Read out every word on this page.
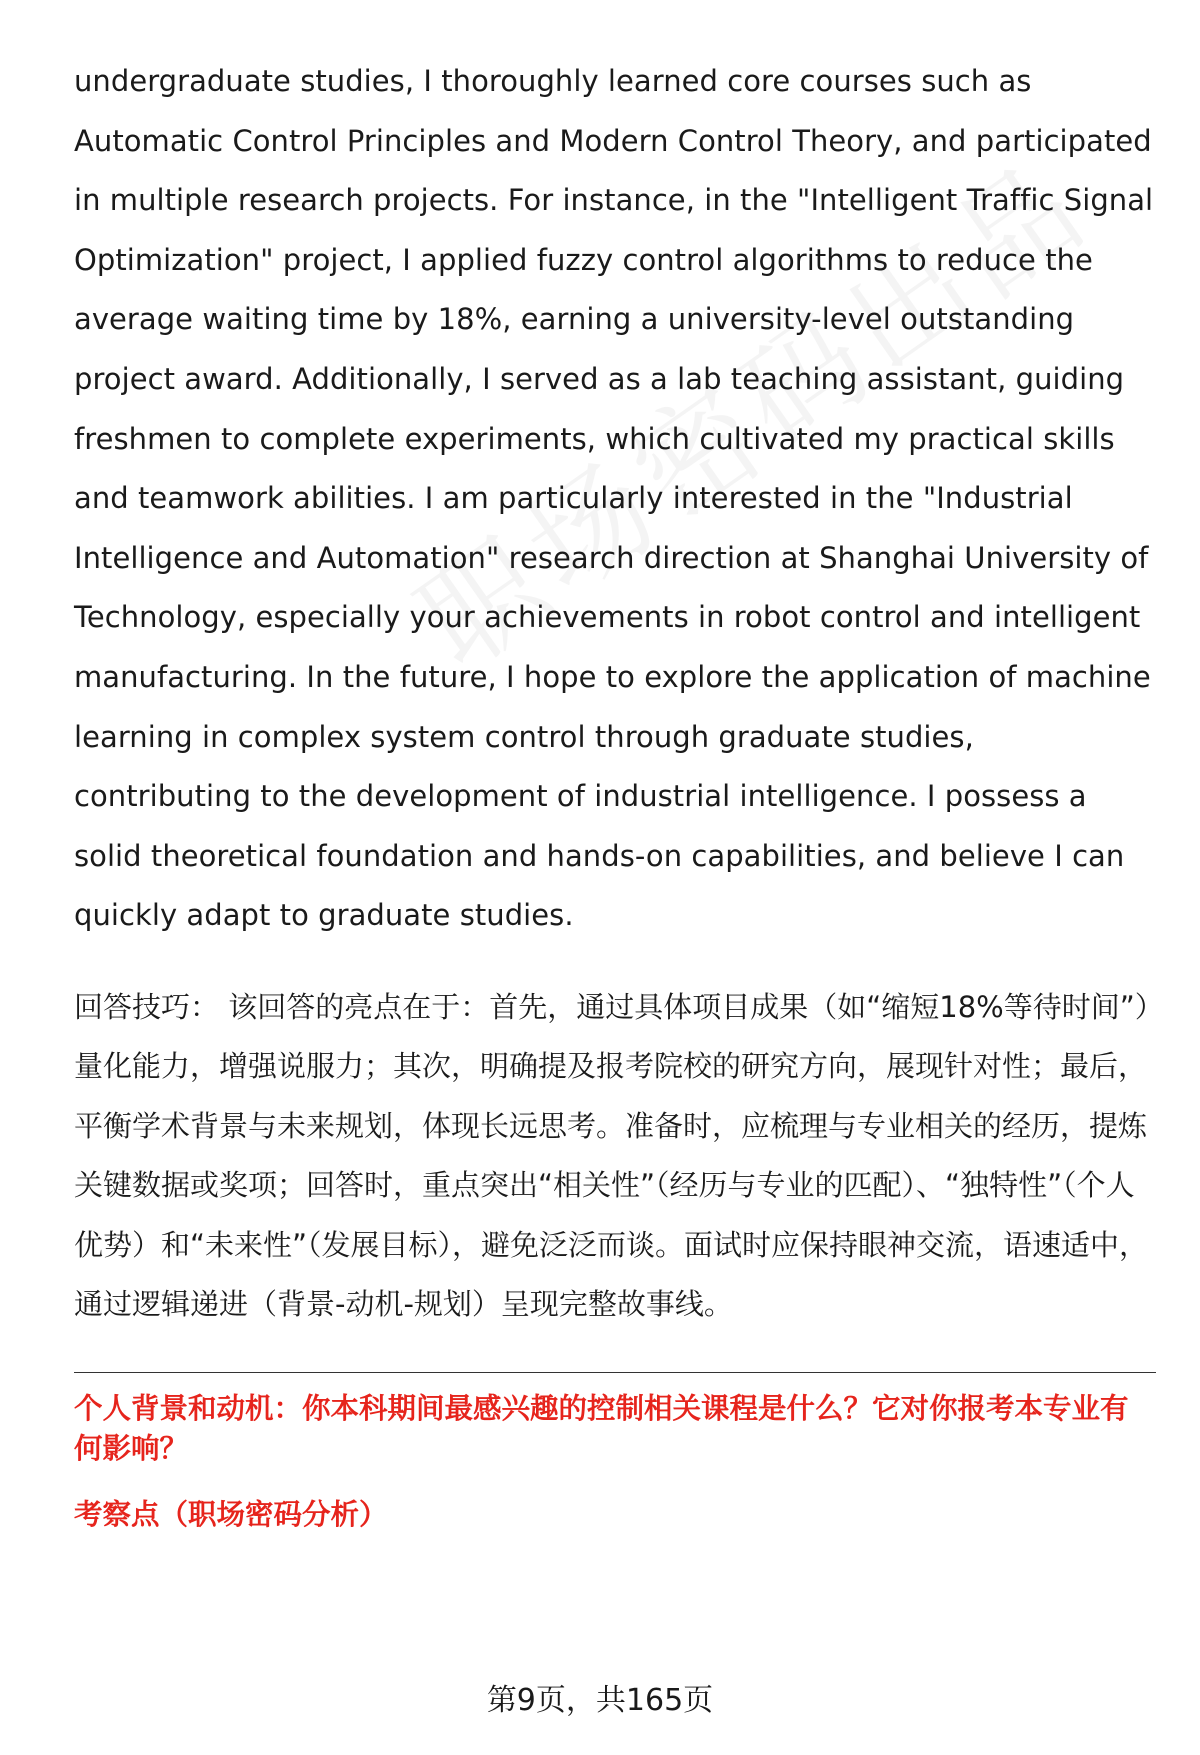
undergraduate studies, I thoroughly learned core courses such as Automatic Control Principles and Modern Control Theory, and participated in multiple research projects. For instance, in the "Intelligent Traffic Signal Optimization" project, I applied fuzzy control algorithms to reduce the average waiting time by 18%, earning a university-level outstanding project award. Additionally, I served as a lab teaching assistant, guiding freshmen to complete experiments, which cultivated my practical skills and teamwork abilities. I am particularly interested in the "Industrial Intelligence and Automation" research direction at Shanghai University of Technology, especially your achievements in robot control and intelligent manufacturing. In the future, I hope to explore the application of machine learning in complex system control through graduate studies, contributing to the development of industrial intelligence. I possess a solid theoretical foundation and hands-on capabilities, and believe I can quickly adapt to graduate studies.

回答技巧： 该回答的亮点在于：首先，通过具体项目成果（如“缩短18%等待时间”）量化能力，增强说服力；其次，明确提及报考院校的研究方向，展现针对性；最后，平衡学术背景与未来规划，体现长远思考。准备时，应梳理与专业相关的经历，提炼关键数据或奖项；回答时，重点突出“相关性”（经历与专业的匹配）、“独特性”（个人优势）和“未来性”（发展目标），避免泛泛而谈。面试时应保持眼神交流，语速适中，通过逻辑递进（背景-动机-规划）呈现完整故事线。

个人背景和动机：你本科期间最感兴趣的控制相关课程是什么？它对你报考本专业有何影响？
考察点（职场密码分析）
第9页，共165页
